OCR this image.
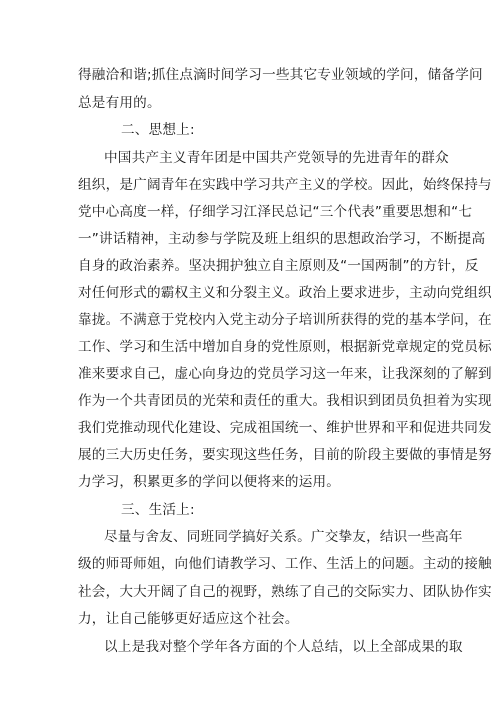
得融洽和谐;抓住点滴时间学习一些其它专业领域的学问，储备学问
总是有用的。
二、思想上:
中国共产主义青年团是中国共产党领导的先进青年的群众
组织，是广阔青年在实践中学习共产主义的学校。因此，始终保持与
党中心高度一样，仔细学习江泽民总记“三个代表”重要思想和“七
一”讲话精神，主动参与学院及班上组织的思想政治学习，不断提高
自身的政治素养。坚决拥护独立自主原则及“一国两制”的方针，反
对任何形式的霸权主义和分裂主义。政治上要求进步，主动向党组织
靠拢。不满意于党校内入党主动分子培训所获得的党的基本学问，在
工作、学习和生活中增加自身的党性原则，根据新党章规定的党员标
准来要求自己，虚心向身边的党员学习这一年来，让我深刻的了解到
作为一个共青团员的光荣和责任的重大。我相识到团员负担着为实现
我们党推动现代化建设、完成祖国统一、维护世界和平和促进共同发
展的三大历史任务，要实现这些任务，目前的阶段主要做的事情是努
力学习，积累更多的学问以便将来的运用。
三、生活上:
尽量与舍友、同班同学搞好关系。广交挚友，结识一些高年
级的师哥师姐，向他们请教学习、工作、生活上的问题。主动的接触
社会，大大开阔了自己的视野，熟练了自己的交际实力、团队协作实
力，让自己能够更好适应这个社会。
以上是我对整个学年各方面的个人总结，以上全部成果的取
